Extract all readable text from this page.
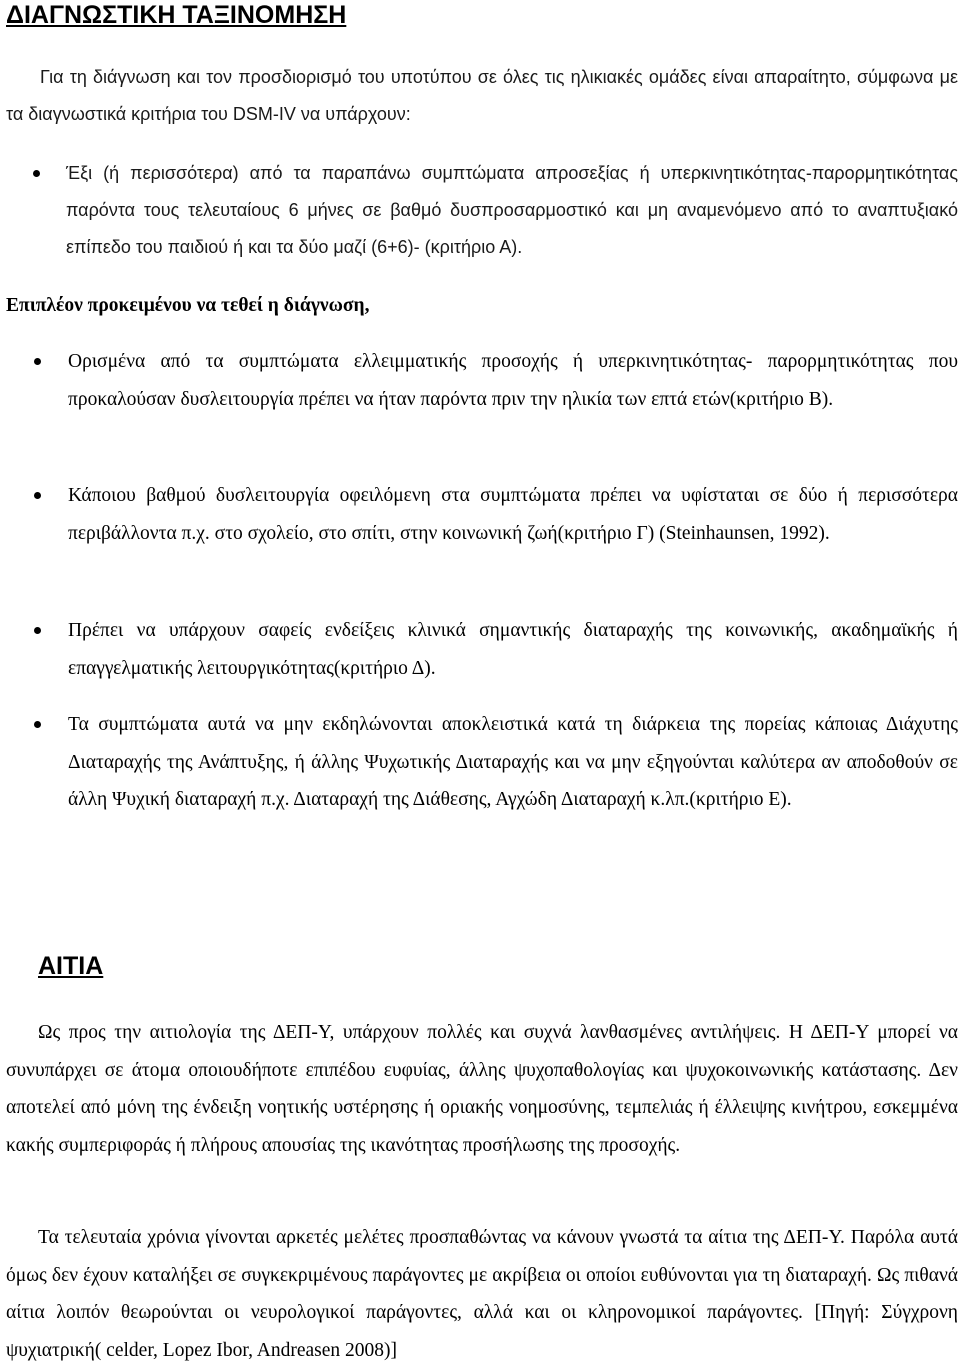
ΔΙΑΓΝΩΣΤΙΚΗ ΤΑΞΙΝΟΜΗΣΗ

Για τη διάγνωση και τον προσδιορισμό του υποτύπου σε όλες τις ηλικιακές ομάδες είναι απαραίτητο, σύμφωνα με τα διαγνωστικά κριτήρια του DSM-IV να υπάρχουν:

Έξι (ή περισσότερα) από τα παραπάνω συμπτώματα απροσεξίας ή υπερκινητικότητας-παρορμητικότητας παρόντα τους τελευταίους 6 μήνες σε βαθμό δυσπροσαρμοστικό και μη αναμενόμενο από το αναπτυξιακό επίπεδο του παιδιού ή και τα δύο μαζί (6+6)- (κριτήριο Α).

Επιπλέον προκειμένου να τεθεί η διάγνωση,

Ορισμένα από τα συμπτώματα ελλειμματικής προσοχής ή υπερκινητικότητας- παρορμητικότητας που προκαλούσαν δυσλειτουργία πρέπει να ήταν παρόντα πριν την ηλικία των επτά ετών(κριτήριο Β).

Κάποιου βαθμού δυσλειτουργία οφειλόμενη στα συμπτώματα πρέπει να υφίσταται σε δύο ή περισσότερα περιβάλλοντα π.χ. στο σχολείο, στο σπίτι, στην κοινωνική ζωή(κριτήριο Γ) (Steinhaunsen, 1992).

Πρέπει να υπάρχουν σαφείς ενδείξεις κλινικά σημαντικής διαταραχής της κοινωνικής, ακαδημαϊκής ή επαγγελματικής λειτουργικότητας(κριτήριο Δ).

Τα συμπτώματα αυτά να μην εκδηλώνονται αποκλειστικά κατά τη διάρκεια της πορείας κάποιας Διάχυτης Διαταραχής της Ανάπτυξης, ή άλλης Ψυχωτικής Διαταραχής και να μην εξηγούνται καλύτερα αν αποδοθούν σε άλλη Ψυχική διαταραχή π.χ. Διαταραχή της Διάθεσης, Αγχώδη Διαταραχή κ.λπ.(κριτήριο Ε).

ΑΙΤΙΑ

Ως προς την αιτιολογία της ΔΕΠ-Υ, υπάρχουν πολλές και συχνά λανθασμένες αντιλήψεις. Η ΔΕΠ-Υ μπορεί να συνυπάρχει σε άτομα οποιουδήποτε επιπέδου ευφυίας, άλλης ψυχοπαθολογίας και ψυχοκοινωνικής κατάστασης. Δεν αποτελεί από μόνη της ένδειξη νοητικής υστέρησης ή οριακής νοημοσύνης, τεμπελιάς ή έλλειψης κινήτρου, εσκεμμένα κακής συμπεριφοράς ή πλήρους απουσίας της ικανότητας προσήλωσης της προσοχής.

Τα τελευταία χρόνια γίνονται αρκετές μελέτες προσπαθώντας να κάνουν γνωστά τα αίτια της ΔΕΠ-Υ. Παρόλα αυτά όμως δεν έχουν καταλήξει σε συγκεκριμένους παράγοντες με ακρίβεια οι οποίοι ευθύνονται για τη διαταραχή. Ως πιθανά αίτια λοιπόν θεωρούνται οι νευρολογικοί παράγοντες, αλλά και οι κληρονομικοί παράγοντες. [Πηγή: Σύγχρονη ψυχιατρική( celder, Lopez Ibor, Andreasen 2008)]
